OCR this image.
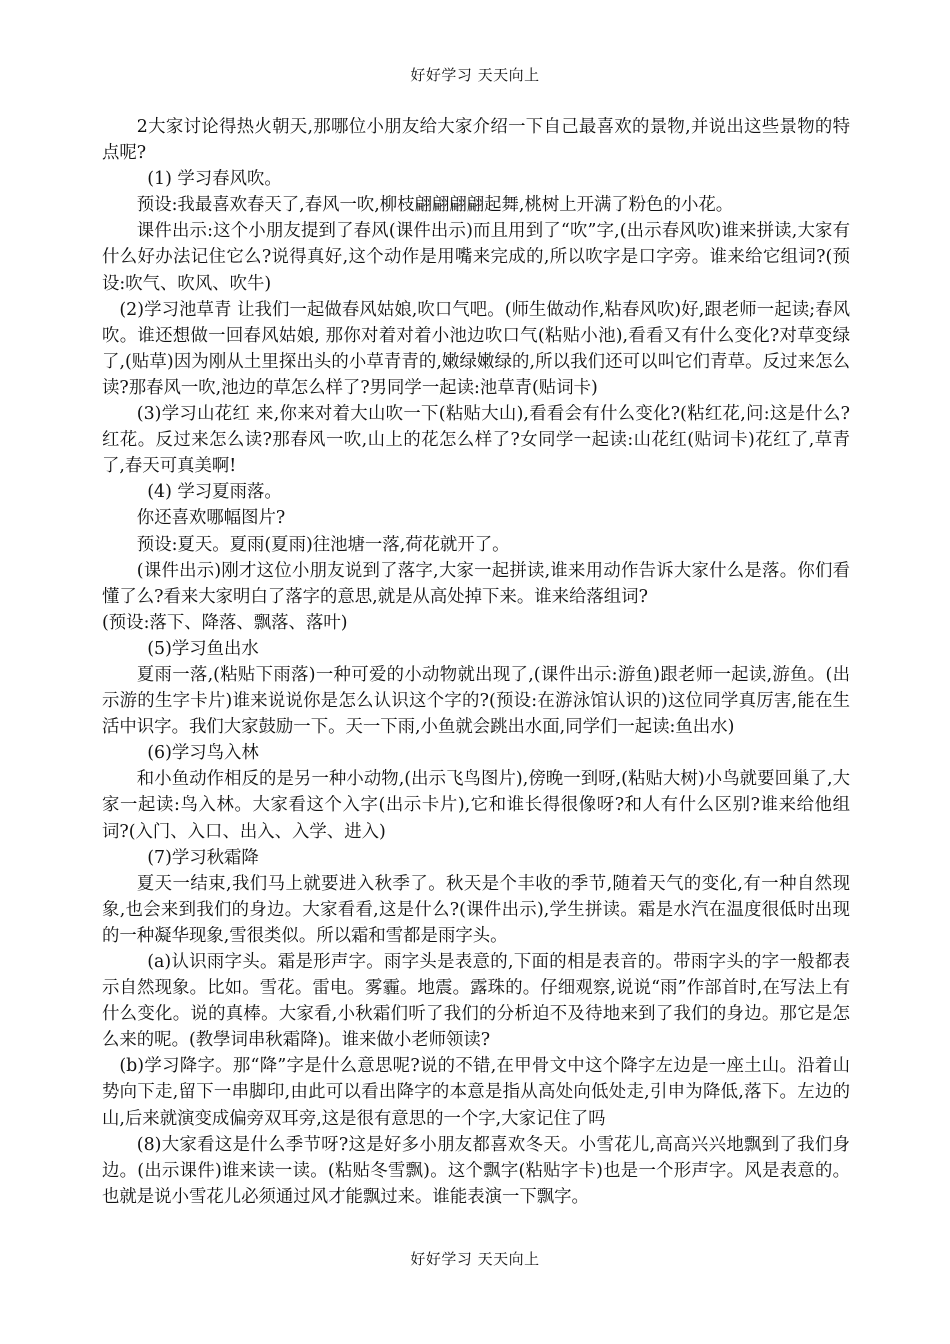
好好学习 天天向上

2大家讨论得热火朝天,那哪位小朋友给大家介绍一下自己最喜欢的景物,并说出这些景物的特点呢?

(1) 学习春风吹。

预设:我最喜欢春天了,春风一吹,柳枝翩翩翩翩起舞,桃树上开满了粉色的小花。

课件出示:这个小朋友提到了春风(课件出示)而且用到了“吹”字,(出示春风吹)谁来拼读,大家有什么好办法记住它么?说得真好,这个动作是用嘴来完成的,所以吹字是口字旁。谁来给它组词?(预设:吹气、吹风、吹牛)

(2)学习池草青 让我们一起做春风姑娘,吹口气吧。(师生做动作,粘春风吹)好,跟老师一起读;春风吹。谁还想做一回春风姑娘, 那你对着对着小池边吹口气(粘贴小池),看看又有什么变化?对草变绿了,(贴草)因为刚从土里探出头的小草青青的,嫩绿嫩绿的,所以我们还可以叫它们青草。反过来怎么读?那春风一吹,池边的草怎么样了?男同学一起读:池草青(贴词卡)

(3)学习山花红 来,你来对着大山吹一下(粘贴大山),看看会有什么变化?(粘红花,问:这是什么?红花。反过来怎么读?那春风一吹,山上的花怎么样了?女同学一起读:山花红(贴词卡)花红了,草青了,春天可真美啊!

(4) 学习夏雨落。

你还喜欢哪幅图片?

预设:夏天。夏雨(夏雨)往池塘一落,荷花就开了。

(课件出示)刚才这位小朋友说到了落字,大家一起拼读,谁来用动作告诉大家什么是落。你们看懂了么?看来大家明白了落字的意思,就是从高处掉下来。谁来给落组词?

(预设:落下、降落、飘落、落叶)

(5)学习鱼出水

夏雨一落,(粘贴下雨落)一种可爱的小动物就出现了,(课件出示:游鱼)跟老师一起读,游鱼。(出示游的生字卡片)谁来说说你是怎么认识这个字的?(预设:在游泳馆认识的)这位同学真厉害,能在生活中识字。我们大家鼓励一下。天一下雨,小鱼就会跳出水面,同学们一起读:鱼出水)

(6)学习鸟入林

和小鱼动作相反的是另一种小动物,(出示飞鸟图片),傍晚一到呀,(粘贴大树)小鸟就要回巢了,大家一起读:鸟入林。大家看这个入字(出示卡片),它和谁长得很像呀?和人有什么区别?谁来给他组词?(入门、入口、出入、入学、进入)

(7)学习秋霜降

夏天一结束,我们马上就要进入秋季了。秋天是个丰收的季节,随着天气的变化,有一种自然现象,也会来到我们的身边。大家看看,这是什么?(课件出示),学生拼读。霜是水汽在温度很低时出现的一种凝华现象,雪很类似。所以霜和雪都是雨字头。

(a)认识雨字头。霜是形声字。雨字头是表意的,下面的相是表音的。带雨字头的字一般都表示自然现象。比如。雪花。雷电。雾霾。地震。露珠的。仔细观察,说说“雨”作部首时,在写法上有什么变化。说的真棒。大家看,小秋霜们听了我们的分析迫不及待地来到了我们的身边。那它是怎么来的呢。(教學词串秋霜降)。谁来做小老师领读?

(b)学习降字。那“降”字是什么意思呢?说的不错,在甲骨文中这个降字左边是一座土山。沿着山势向下走,留下一串脚印,由此可以看出降字的本意是指从高处向低处走,引申为降低,落下。左边的山,后来就演变成偏旁双耳旁,这是很有意思的一个字,大家记住了吗

(8)大家看这是什么季节呀?这是好多小朋友都喜欢冬天。小雪花儿,高高兴兴地飘到了我们身边。(出示课件)谁来读一读。(粘贴冬雪飘)。这个飘字(粘贴字卡)也是一个形声字。风是表意的。也就是说小雪花儿必须通过风才能飘过来。谁能表演一下飘字。

好好学习 天天向上
